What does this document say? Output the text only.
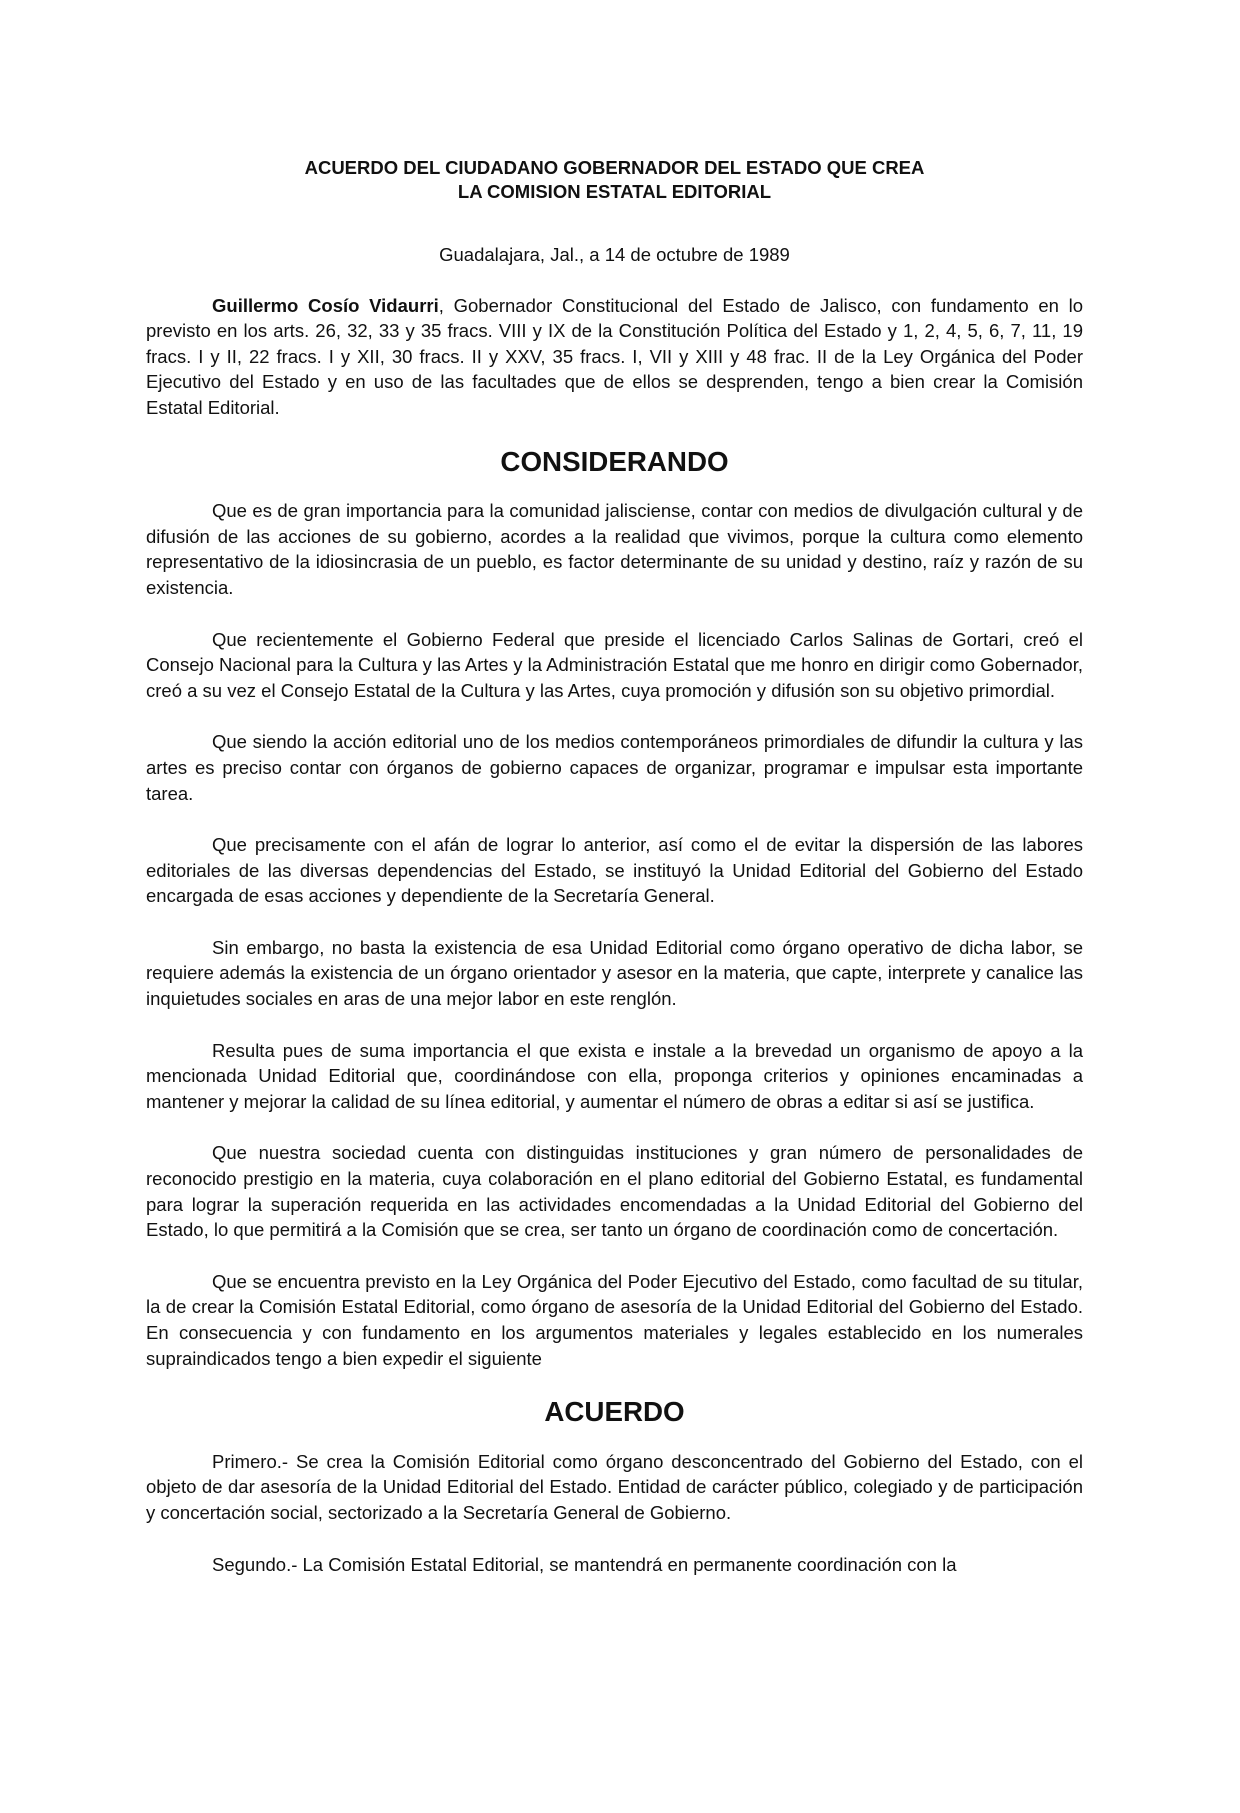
ACUERDO DEL CIUDADANO GOBERNADOR DEL ESTADO QUE CREA
LA COMISION ESTATAL EDITORIAL

Guadalajara, Jal., a 14 de octubre de 1989

Guillermo Cosío Vidaurri, Gobernador Constitucional del Estado de Jalisco, con fundamento en lo previsto en los arts. 26, 32, 33 y 35 fracs. VIII y IX de la Constitución Política del Estado y 1, 2, 4, 5, 6, 7, 11, 19 fracs. I y II, 22 fracs. I y XII, 30 fracs. II y XXV, 35 fracs. I, VII y XIII y 48 frac. II de la Ley Orgánica del Poder Ejecutivo del Estado y en uso de las facultades que de ellos se desprenden, tengo a bien crear la Comisión Estatal Editorial.

CONSIDERANDO

Que es de gran importancia para la comunidad jalisciense, contar con medios de divulgación cultural y de difusión de las acciones de su gobierno, acordes a la realidad que vivimos, porque la cultura como elemento representativo de la idiosincrasia de un pueblo, es factor determinante de su unidad y destino, raíz y razón de su existencia.

Que recientemente el Gobierno Federal que preside el licenciado Carlos Salinas de Gortari, creó el Consejo Nacional para la Cultura y las Artes y la Administración Estatal que me honro en dirigir como Gobernador, creó a su vez el Consejo Estatal de la Cultura y las Artes, cuya promoción y difusión son su objetivo primordial.

Que siendo la acción editorial uno de los medios contemporáneos primordiales de difundir la cultura y las artes es preciso contar con órganos de gobierno capaces de organizar, programar e impulsar esta importante tarea.

Que precisamente con el afán de lograr lo anterior, así como el de evitar la dispersión de las labores editoriales de las diversas dependencias del Estado, se instituyó la Unidad Editorial del Gobierno del Estado encargada de esas acciones y dependiente de la Secretaría General.

Sin embargo, no basta la existencia de esa Unidad Editorial como órgano operativo de dicha labor, se requiere además la existencia de un órgano orientador y asesor en la materia, que capte, interprete y canalice las inquietudes sociales en aras de una mejor labor en este renglón.

Resulta pues de suma importancia el que exista e instale a la brevedad un organismo de apoyo a la mencionada Unidad Editorial que, coordinándose con ella, proponga criterios y opiniones encaminadas a mantener y mejorar la calidad de su línea editorial, y aumentar el número de obras a editar si así se justifica.

Que nuestra sociedad cuenta con distinguidas instituciones y gran número de personalidades de reconocido prestigio en la materia, cuya colaboración en el plano editorial del Gobierno Estatal, es fundamental para lograr la superación requerida en las actividades encomendadas a la Unidad Editorial del Gobierno del Estado, lo que permitirá a la Comisión que se crea, ser tanto un órgano de coordinación como de concertación.

Que se encuentra previsto en la Ley Orgánica del Poder Ejecutivo del Estado, como facultad de su titular, la de crear la Comisión Estatal Editorial, como órgano de asesoría de la Unidad Editorial del Gobierno del Estado. En consecuencia y con fundamento en los argumentos materiales y legales establecido en los numerales supraindicados tengo a bien expedir el siguiente

ACUERDO

Primero.- Se crea la Comisión Editorial como órgano desconcentrado del Gobierno del Estado, con el objeto de dar asesoría de la Unidad Editorial del Estado. Entidad de carácter público, colegiado y de participación y concertación social, sectorizado a la Secretaría General de Gobierno.

Segundo.- La Comisión Estatal Editorial, se mantendrá en permanente coordinación con la
